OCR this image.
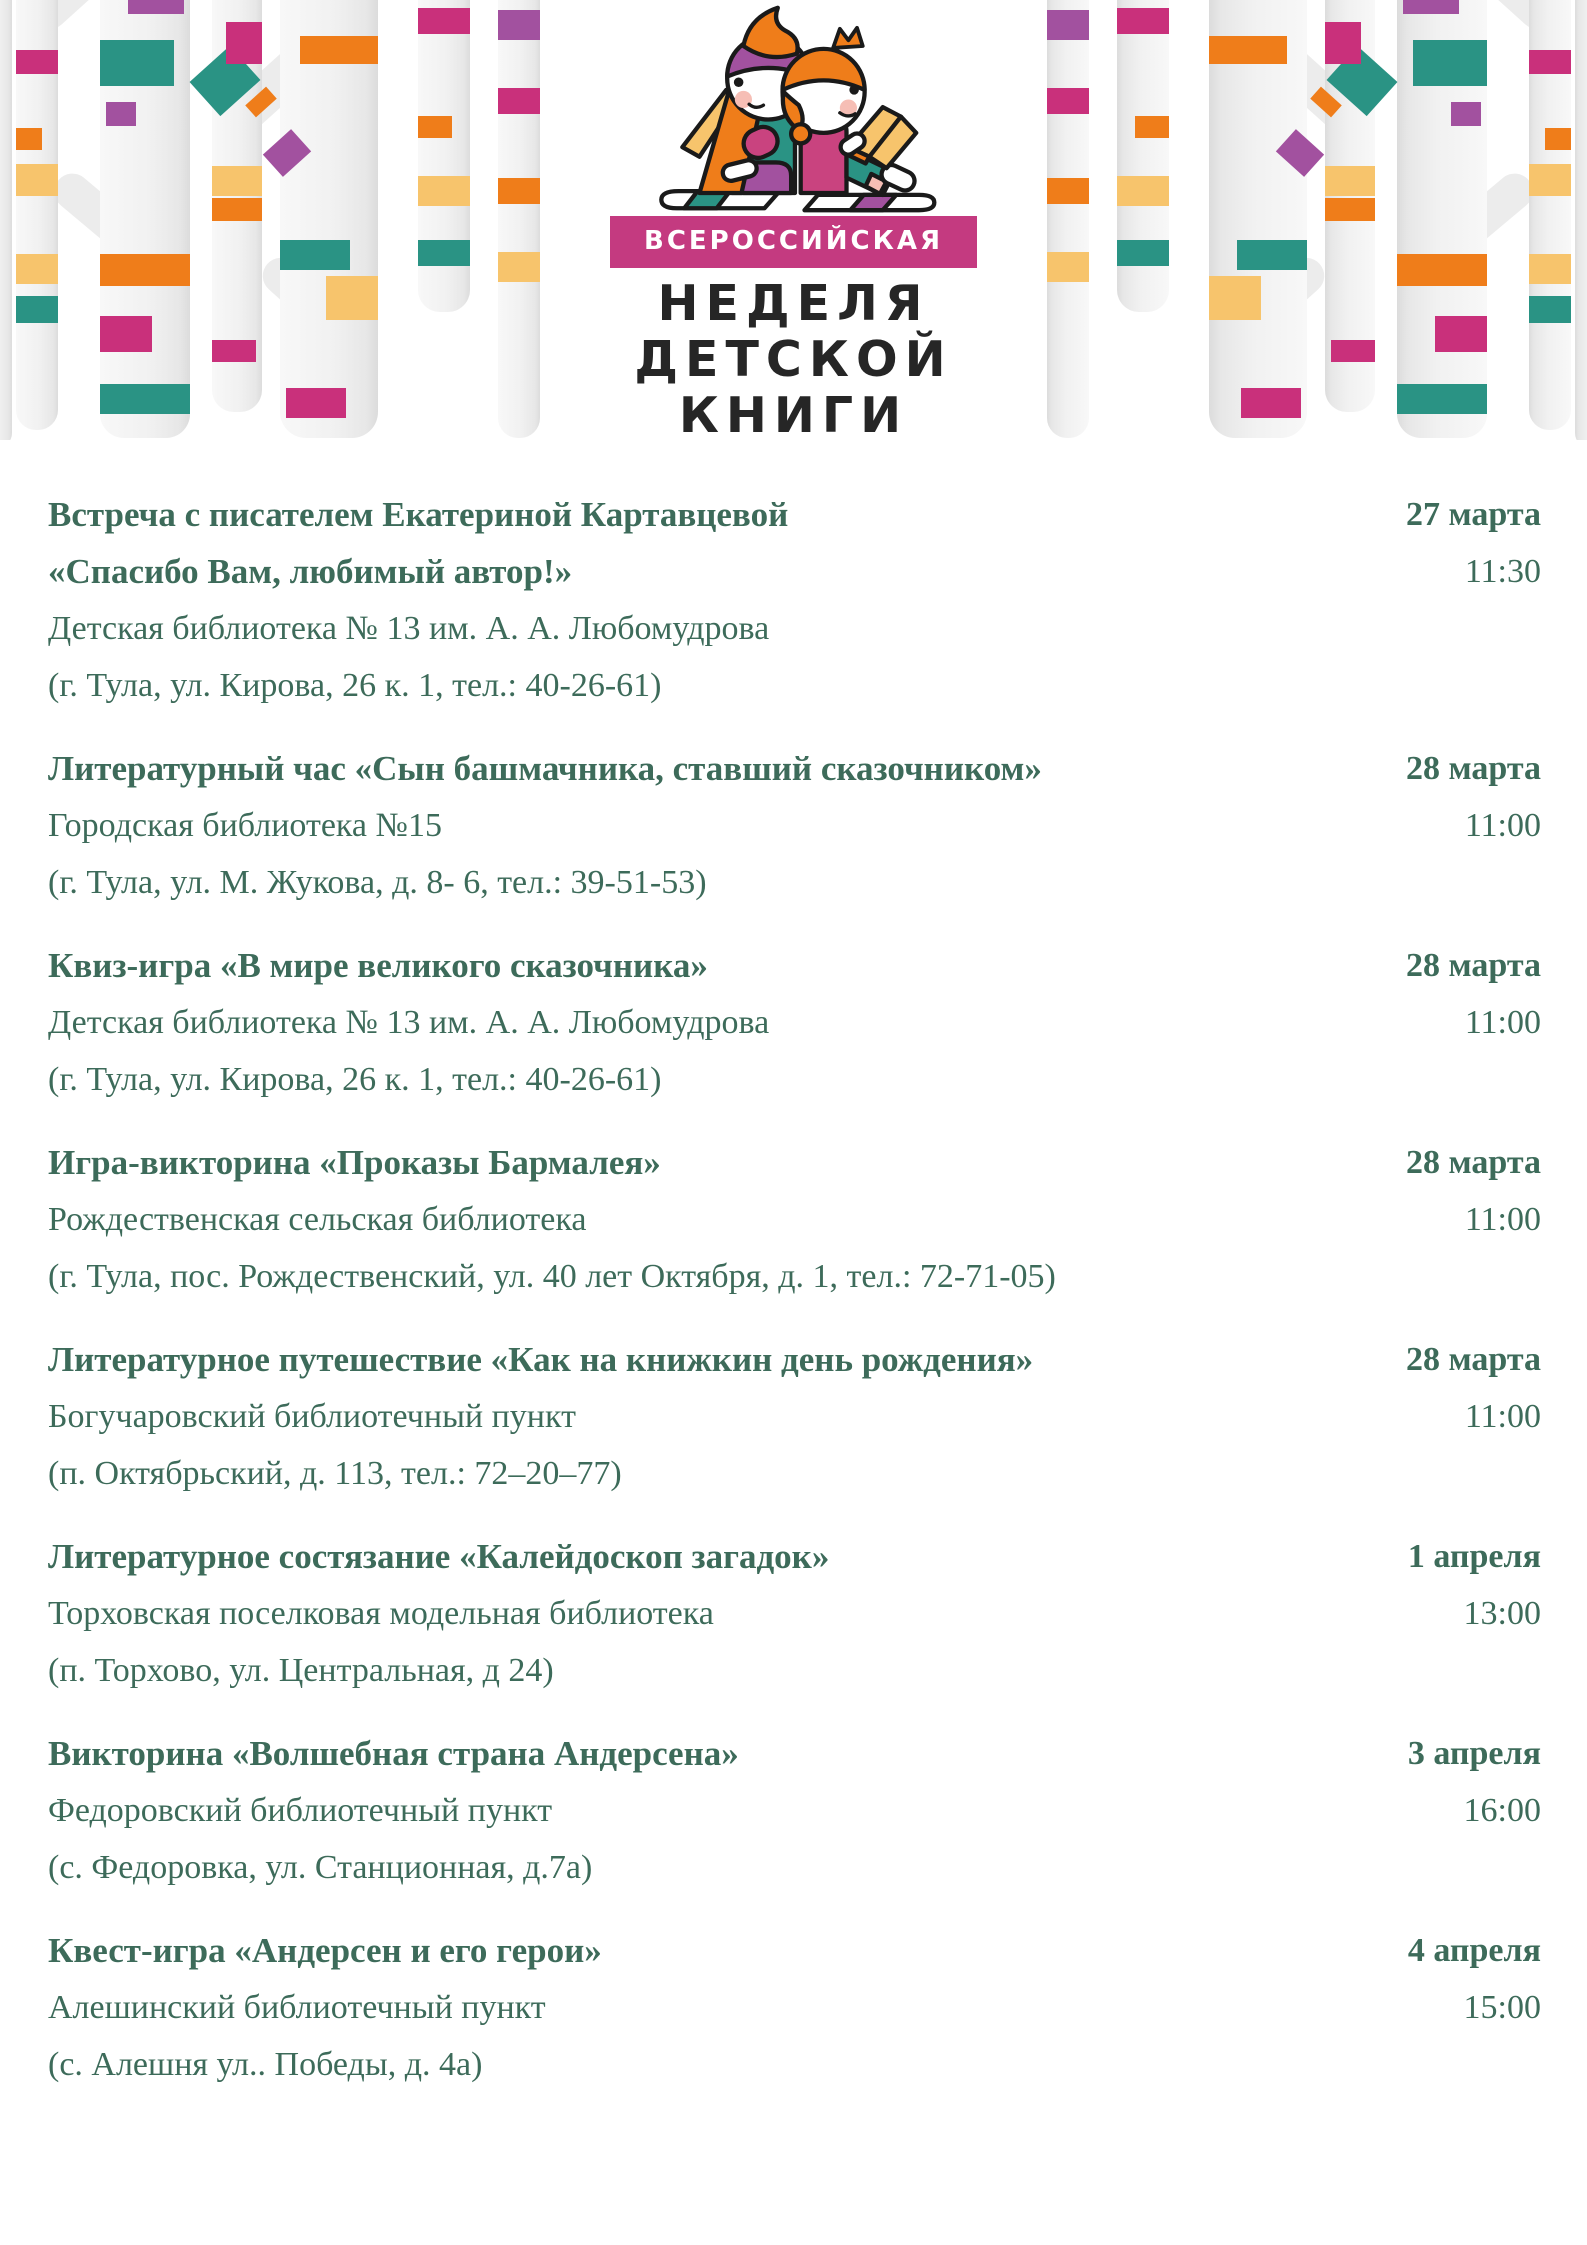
ВСЕРОССИЙСКАЯ
НЕДЕЛЯ
ДЕТСКОЙ
КНИГИ
Встреча с писателем Екатериной Картавцевой
«Спасибо Вам, любимый автор!»
Детская библиотека № 13 им. А. А. Любомудрова
(г. Тула, ул. Кирова, 26 к. 1, тел.: 40-26-61)
27 марта
11:30
Литературный час «Сын башмачника, ставший сказочником»
Городская библиотека №15
(г. Тула, ул. М. Жукова, д. 8- 6, тел.: 39-51-53)
28 марта
11:00
Квиз-игра «В мире великого сказочника»
Детская библиотека № 13 им. А. А. Любомудрова
(г. Тула, ул. Кирова, 26 к. 1, тел.: 40-26-61)
28 марта
11:00
Игра-викторина «Проказы Бармалея»
Рождественская сельская библиотека
(г. Тула, пос. Рождественский, ул. 40 лет Октября, д. 1, тел.: 72-71-05)
28 марта
11:00
Литературное путешествие «Как на книжкин день рождения»
Богучаровский библиотечный пункт
(п. Октябрьский, д. 113, тел.: 72–20–77)
28 марта
11:00
Литературное состязание «Калейдоскоп загадок»
Торховская поселковая модельная библиотека
(п. Торхово, ул. Центральная, д 24)
1 апреля
13:00
Викторина «Волшебная страна Андерсена»
Федоровский библиотечный пункт
(с. Федоровка, ул. Станционная, д.7а)
3 апреля
16:00
Квест-игра «Андерсен и его герои»
Алешинский библиотечный пункт
(с. Алешня ул.. Победы, д. 4а)
4 апреля
15:00
